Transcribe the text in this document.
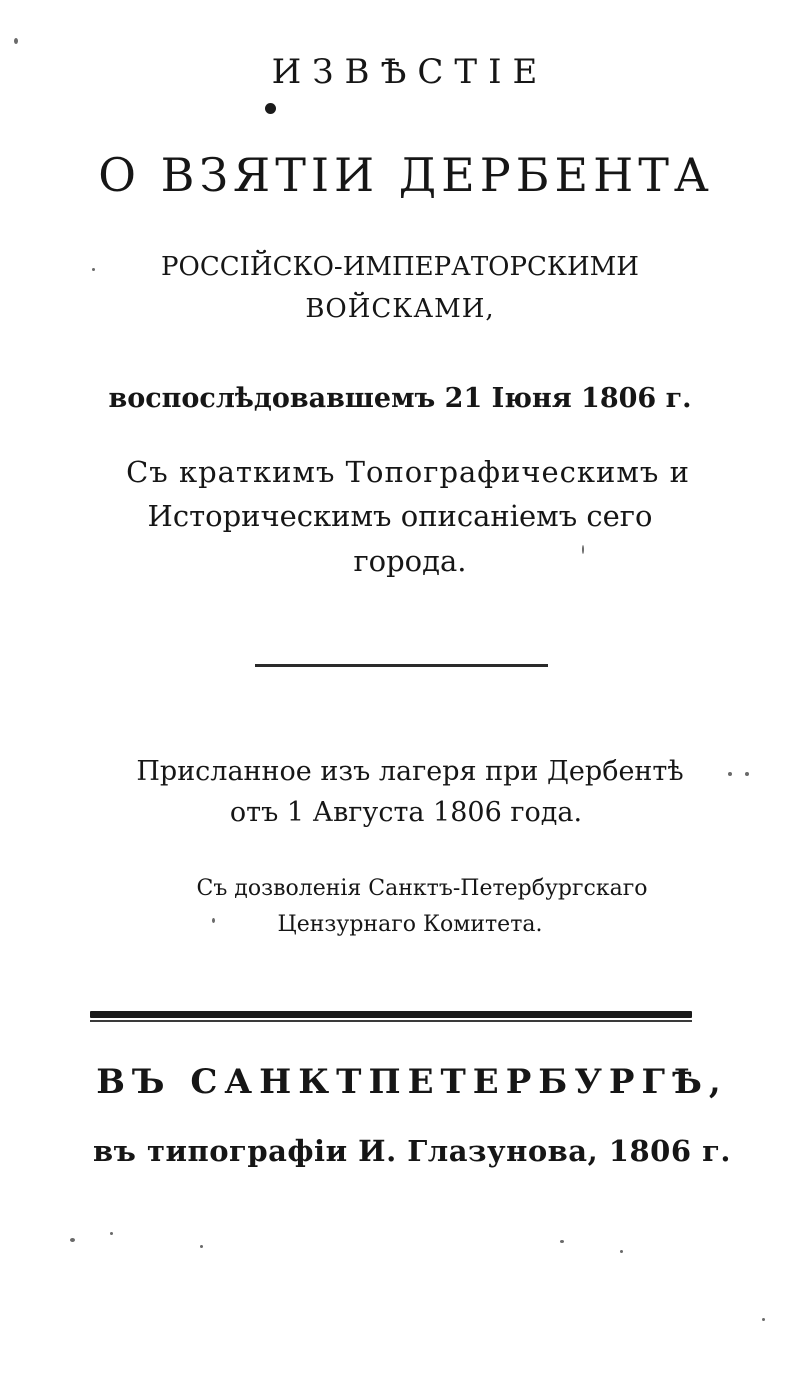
ИЗВѢСТІЕ
О ВЗЯТІИ ДЕРБЕНТА

РОССІЙСКО-ИМПЕРАТОРСКИМИ

ВОЙСКАМИ,

воспослѣдовавшемъ 21 Іюня 1806 г.

Съ краткимъ Топографическимъ и

Историческимъ описаніемъ сего

города.

Присланное изъ лагеря при Дербентѣ

отъ 1 Августа 1806 года.

Съ дозволенія Санктъ-Петербургскаго

Цензурнаго Комитета.

ВЪ САНКТПЕТЕРБУРГѢ,

въ типографіи И. Глазунова, 1806 г.
